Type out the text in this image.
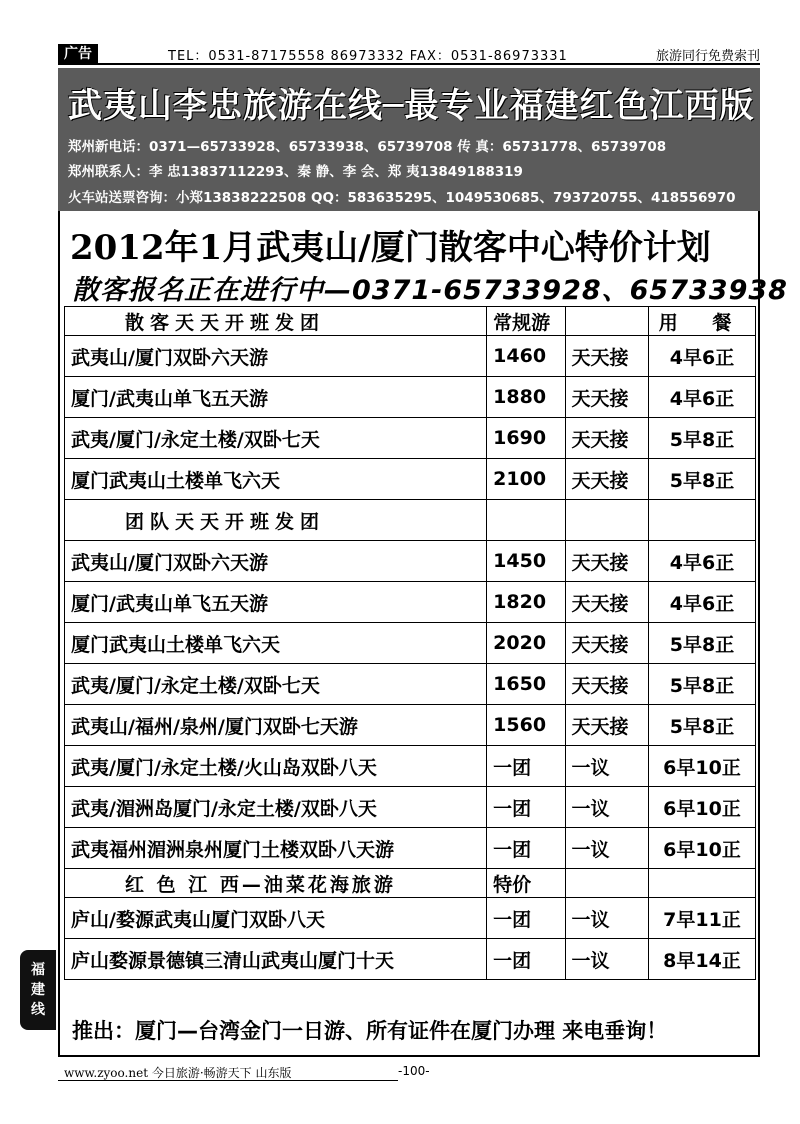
广告	TEL：0531-87175558 86973332 FAX：0531-86973331	旅游同行免费索刊
武夷山李忠旅游在线─最专业福建红色江西版
郑州新电话：0371—65733928、65733938、65739708 传 真：65731778、65739708
郑州联系人：李 忠13837112293、秦 静、李 会、郑 夷13849188319
火车站送票咨询：小郑13838222508 QQ：583635295、1049530685、793720755、418556970
2012年1月武夷山/厦门散客中心特价计划
散客报名正在进行中—0371-65733928、65733938
散客天天开班发团	常规游		用 餐
武夷山/厦门双卧六天游	1460	天天接	4早6正
厦门/武夷山单飞五天游	1880	天天接	4早6正
武夷/厦门/永定土楼/双卧七天	1690	天天接	5早8正
厦门武夷山土楼单飞六天	2100	天天接	5早8正
团队天天开班发团			
武夷山/厦门双卧六天游	1450	天天接	4早6正
厦门/武夷山单飞五天游	1820	天天接	4早6正
厦门武夷山土楼单飞六天	2020	天天接	5早8正
武夷/厦门/永定土楼/双卧七天	1650	天天接	5早8正
武夷山/福州/泉州/厦门双卧七天游	1560	天天接	5早8正
武夷/厦门/永定土楼/火山岛双卧八天	一团	一议	6早10正
武夷/湄洲岛厦门/永定土楼/双卧八天	一团	一议	6早10正
武夷福州湄洲泉州厦门土楼双卧八天游	一团	一议	6早10正
红 色 江 西—油菜花海旅游	特价		
庐山/婺源武夷山厦门双卧八天	一团	一议	7早11正
庐山婺源景德镇三清山武夷山厦门十天	一团	一议	8早14正
推出：厦门—台湾金门一日游、所有证件在厦门办理 来电垂询！
福
建
线
www.zyoo.net 今日旅游·畅游天下 山东版	-100-
